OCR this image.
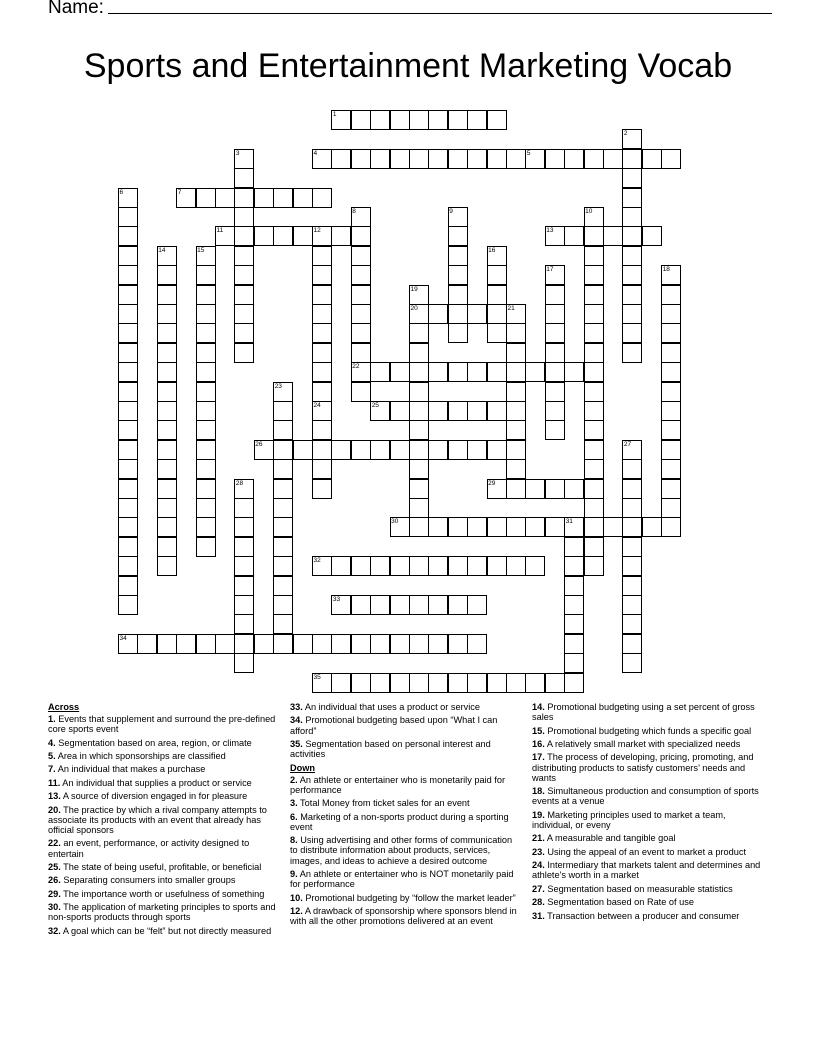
Name:
Sports and Entertainment Marketing Vocab
1
4	5
7
11	13
20
22
25
26
29
30
32
33
34
35
2
3
6
8	9	10
12
14	15	16
17	18
19
21
23
24
27
28
31
Across

1. Events that supplement and surround the pre-defined core sports event

4. Segmentation based on area, region, or climate

5. Area in which sponsorships are classified

7. An individual that makes a purchase

11. An individual that supplies a product or service

13. A source of diversion engaged in for pleasure

20. The practice by which a rival company attempts to associate its products with an event that already has official sponsors

22. an event, performance, or activity designed to entertain

25. The state of being useful, profitable, or beneficial

26. Separating consumers into smaller groups

29. The importance worth or usefulness of something

30. The application of marketing principles to sports and non-sports products through sports

32. A goal which can be “felt” but not directly measured

33. An individual that uses a product or service

34. Promotional budgeting based upon “What I can afford”

35. Segmentation based on personal interest and activities

Down

2. An athlete or entertainer who is monetarily paid for performance

3. Total Money from ticket sales for an event

6. Marketing of a non-sports product during a sporting event

8. Using advertising and other forms of communication to distribute information about products, services, images, and ideas to achieve a desired outcome

9. An athlete or entertainer who is NOT monetarily paid for performance

10. Promotional budgeting by “follow the market leader”

12. A drawback of sponsorship where sponsors blend in with all the other promotions delivered at an event

14. Promotional budgeting using a set percent of gross sales

15. Promotional budgeting which funds a specific goal

16. A relatively small market with specialized needs

17. The process of developing, pricing, promoting, and distributing products to satisfy customers’ needs and wants

18. Simultaneous production and consumption of sports events at a venue

19. Marketing principles used to market a team, individual, or eveny

21. A measurable and tangible goal

23. Using the appeal of an event to market a product

24. Intermediary that markets talent and determines and athlete's worth in a market

27. Segmentation based on measurable statistics

28. Segmentation based on Rate of use

31. Transaction between a producer and consumer
